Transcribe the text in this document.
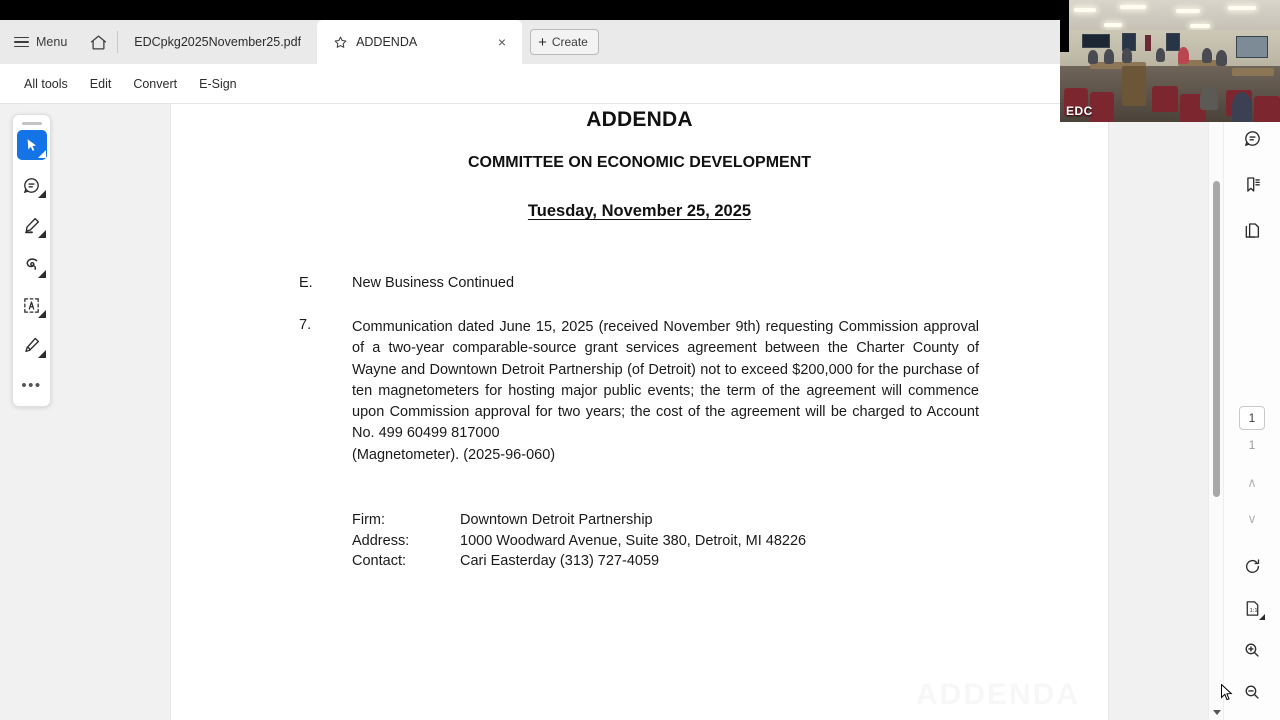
Menu	EDCpkg2025November25.pdf	ADDENDA	× + Create
All tools	Edit	Convert	E-Sign
ADDENDA
COMMITTEE ON ECONOMIC DEVELOPMENT
Tuesday, November 25, 2025
E.	New Business Continued
7.	Communication dated June 15, 2025 (received November 9th) requesting Commission approval of a two-year comparable-source grant services agreement between the Charter County of Wayne and Downtown Detroit Partnership (of Detroit) not to exceed $200,000 for the purchase of ten magnetometers for hosting major public events; the term of the agreement will commence upon Commission approval for two years; the cost of the agreement will be charged to Account No. 499 60499 817000
(Magnetometer). (2025-96-060)
Firm:	Downtown Detroit Partnership
Address:	1000 Woodward Avenue, Suite 380, Detroit, MI 48226
Contact:	Cari Easterday (313) 727-4059
ADDENDA
•••
1
1
∧
∨
1:1
EDC
